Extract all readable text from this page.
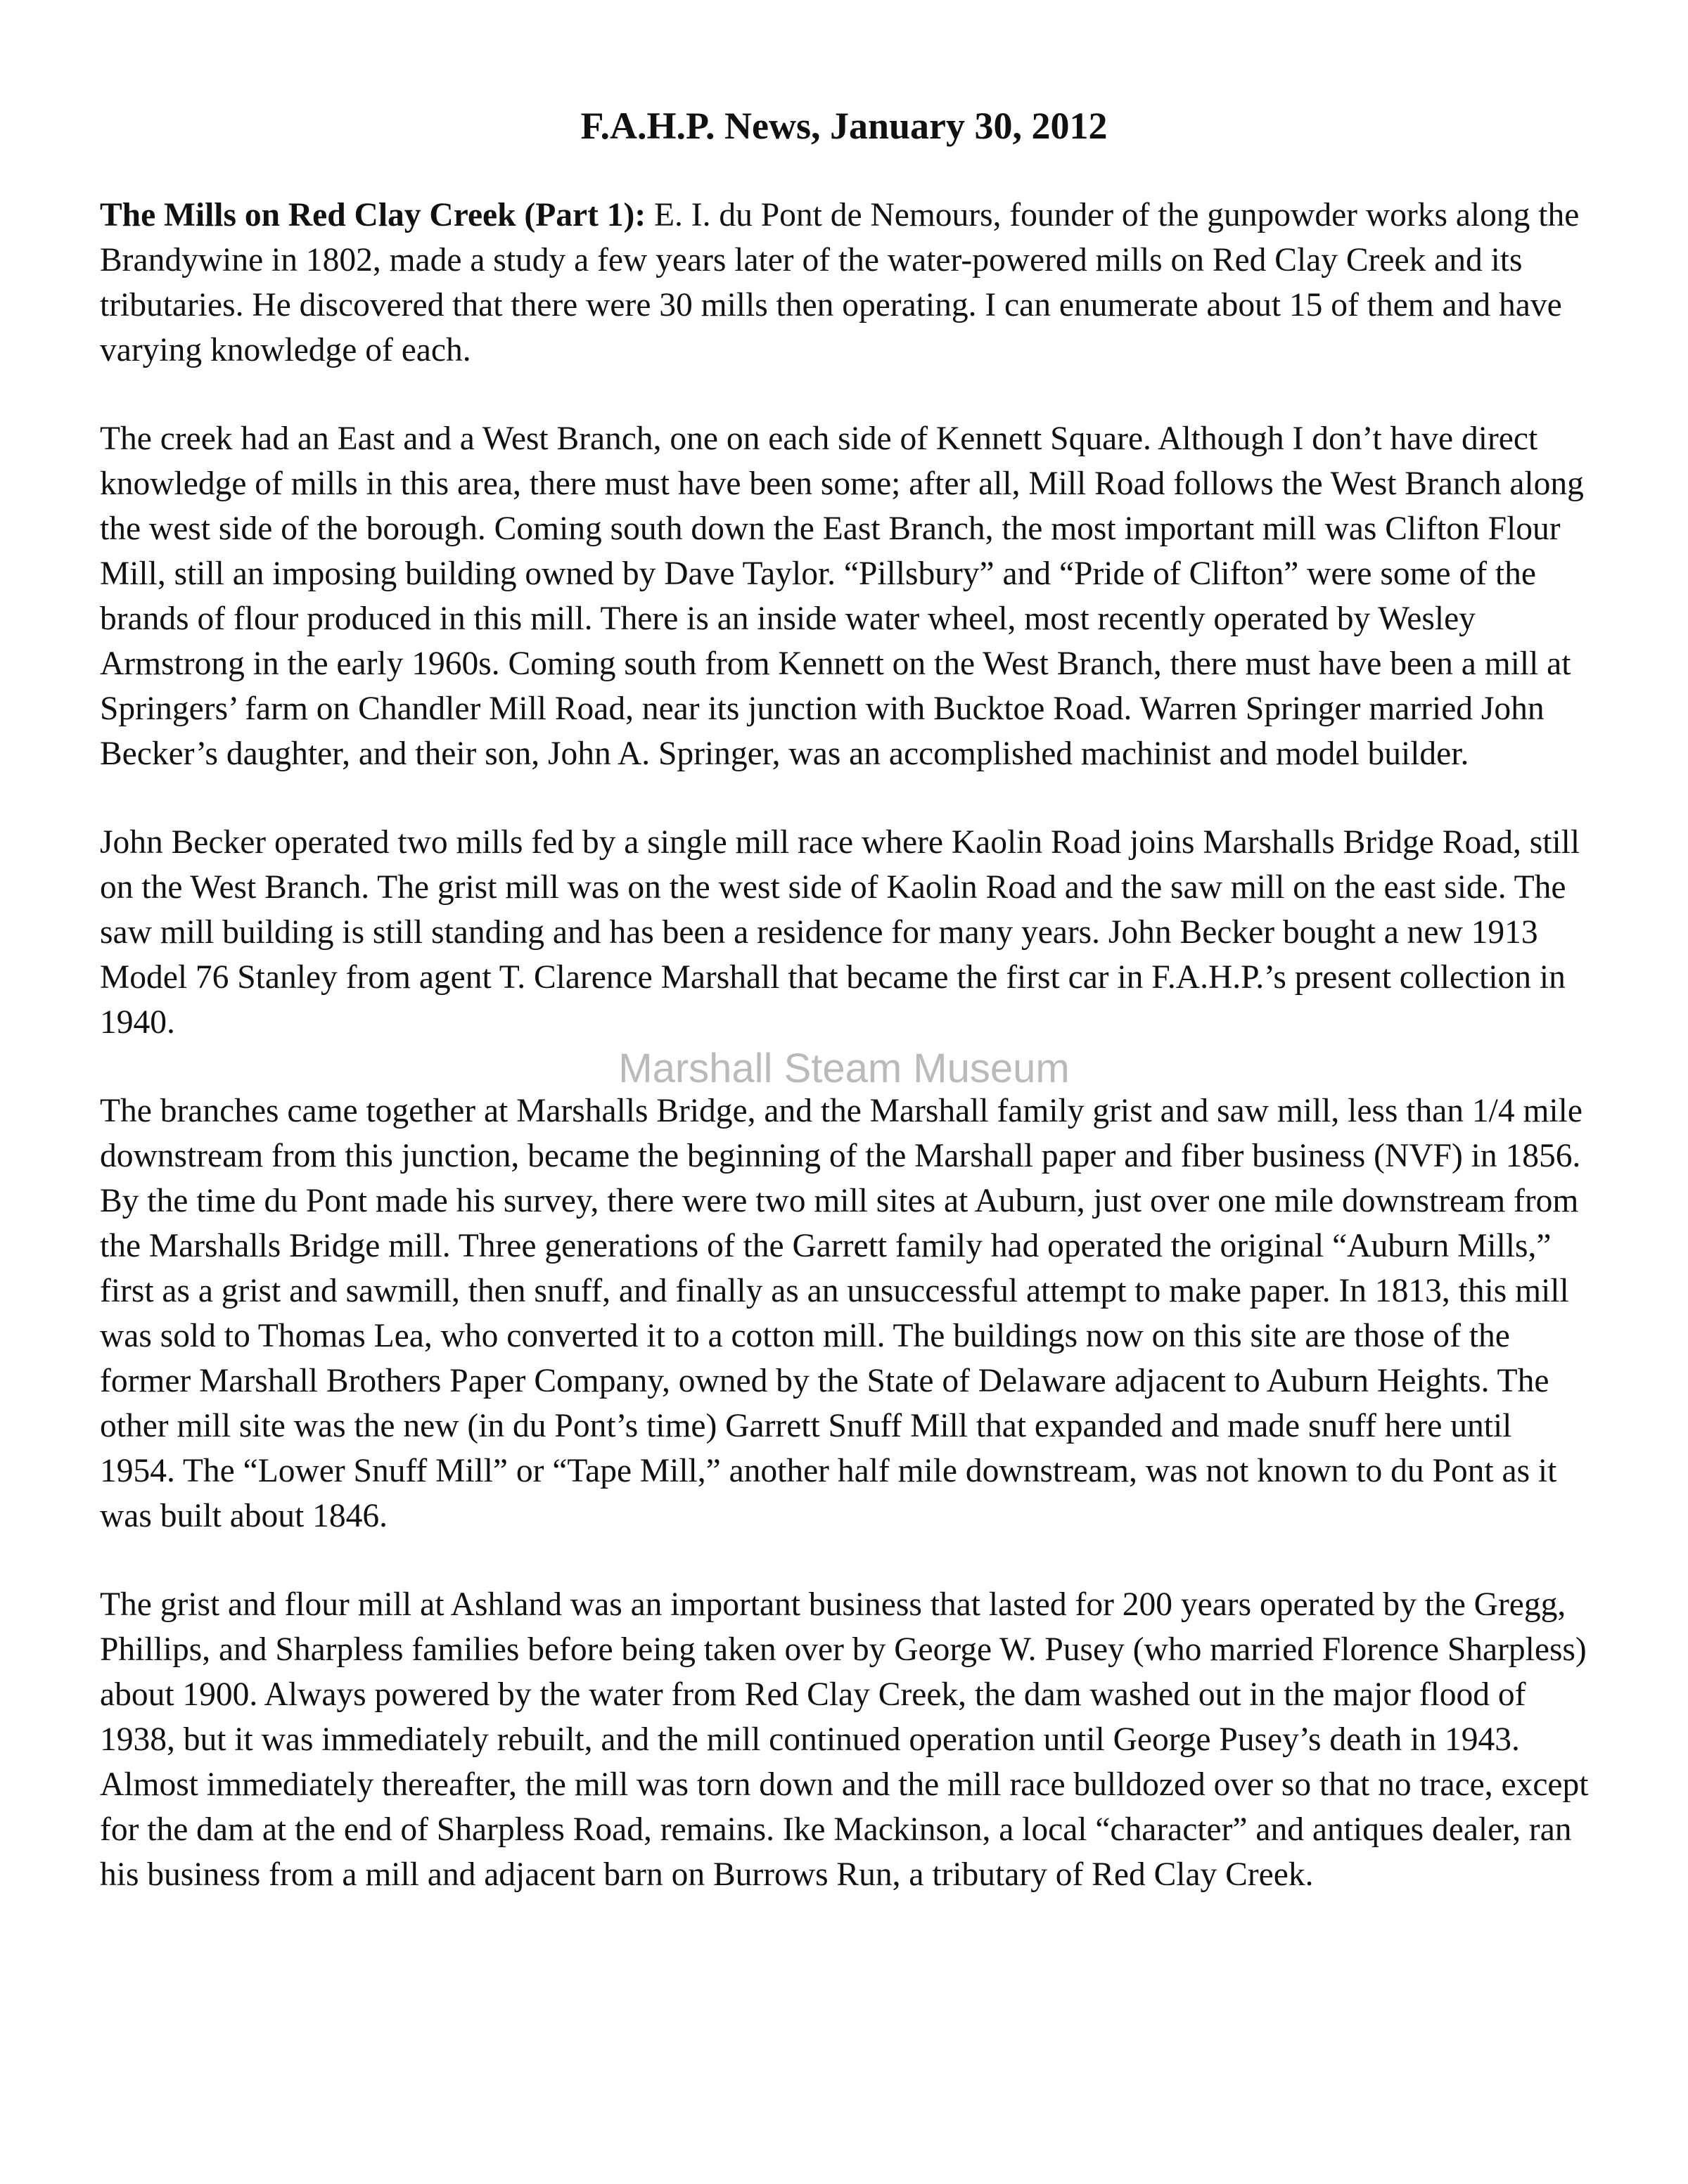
F.A.H.P. News, January 30, 2012

The Mills on Red Clay Creek (Part 1): E. I. du Pont de Nemours, founder of the gunpowder works along the Brandywine in 1802, made a study a few years later of the water-powered mills on Red Clay Creek and its tributaries. He discovered that there were 30 mills then operating. I can enumerate about 15 of them and have varying knowledge of each.

The creek had an East and a West Branch, one on each side of Kennett Square. Although I don’t have direct knowledge of mills in this area, there must have been some; after all, Mill Road follows the West Branch along the west side of the borough. Coming south down the East Branch, the most important mill was Clifton Flour Mill, still an imposing building owned by Dave Taylor. “Pillsbury” and “Pride of Clifton” were some of the brands of flour produced in this mill. There is an inside water wheel, most recently operated by Wesley Armstrong in the early 1960s. Coming south from Kennett on the West Branch, there must have been a mill at Springers’ farm on Chandler Mill Road, near its junction with Bucktoe Road. Warren Springer married John Becker’s daughter, and their son, John A. Springer, was an accomplished machinist and model builder.

John Becker operated two mills fed by a single mill race where Kaolin Road joins Marshalls Bridge Road, still on the West Branch. The grist mill was on the west side of Kaolin Road and the saw mill on the east side. The saw mill building is still standing and has been a residence for many years. John Becker bought a new 1913 Model 76 Stanley from agent T. Clarence Marshall that became the first car in F.A.H.P.’s present collection in 1940.

The branches came together at Marshalls Bridge, and the Marshall family grist and saw mill, less than 1/4 mile downstream from this junction, became the beginning of the Marshall paper and fiber business (NVF) in 1856. By the time du Pont made his survey, there were two mill sites at Auburn, just over one mile downstream from the Marshalls Bridge mill. Three generations of the Garrett family had operated the original “Auburn Mills,” first as a grist and sawmill, then snuff, and finally as an unsuccessful attempt to make paper. In 1813, this mill was sold to Thomas Lea, who converted it to a cotton mill. The buildings now on this site are those of the former Marshall Brothers Paper Company, owned by the State of Delaware adjacent to Auburn Heights. The other mill site was the new (in du Pont’s time) Garrett Snuff Mill that expanded and made snuff here until 1954. The “Lower Snuff Mill” or “Tape Mill,” another half mile downstream, was not known to du Pont as it was built about 1846.

The grist and flour mill at Ashland was an important business that lasted for 200 years operated by the Gregg, Phillips, and Sharpless families before being taken over by George W. Pusey (who married Florence Sharpless) about 1900. Always powered by the water from Red Clay Creek, the dam washed out in the major flood of 1938, but it was immediately rebuilt, and the mill continued operation until George Pusey’s death in 1943. Almost immediately thereafter, the mill was torn down and the mill race bulldozed over so that no trace, except for the dam at the end of Sharpless Road, remains. Ike Mackinson, a local “character” and antiques dealer, ran his business from a mill and adjacent barn on Burrows Run, a tributary of Red Clay Creek.

Marshall Steam Museum
